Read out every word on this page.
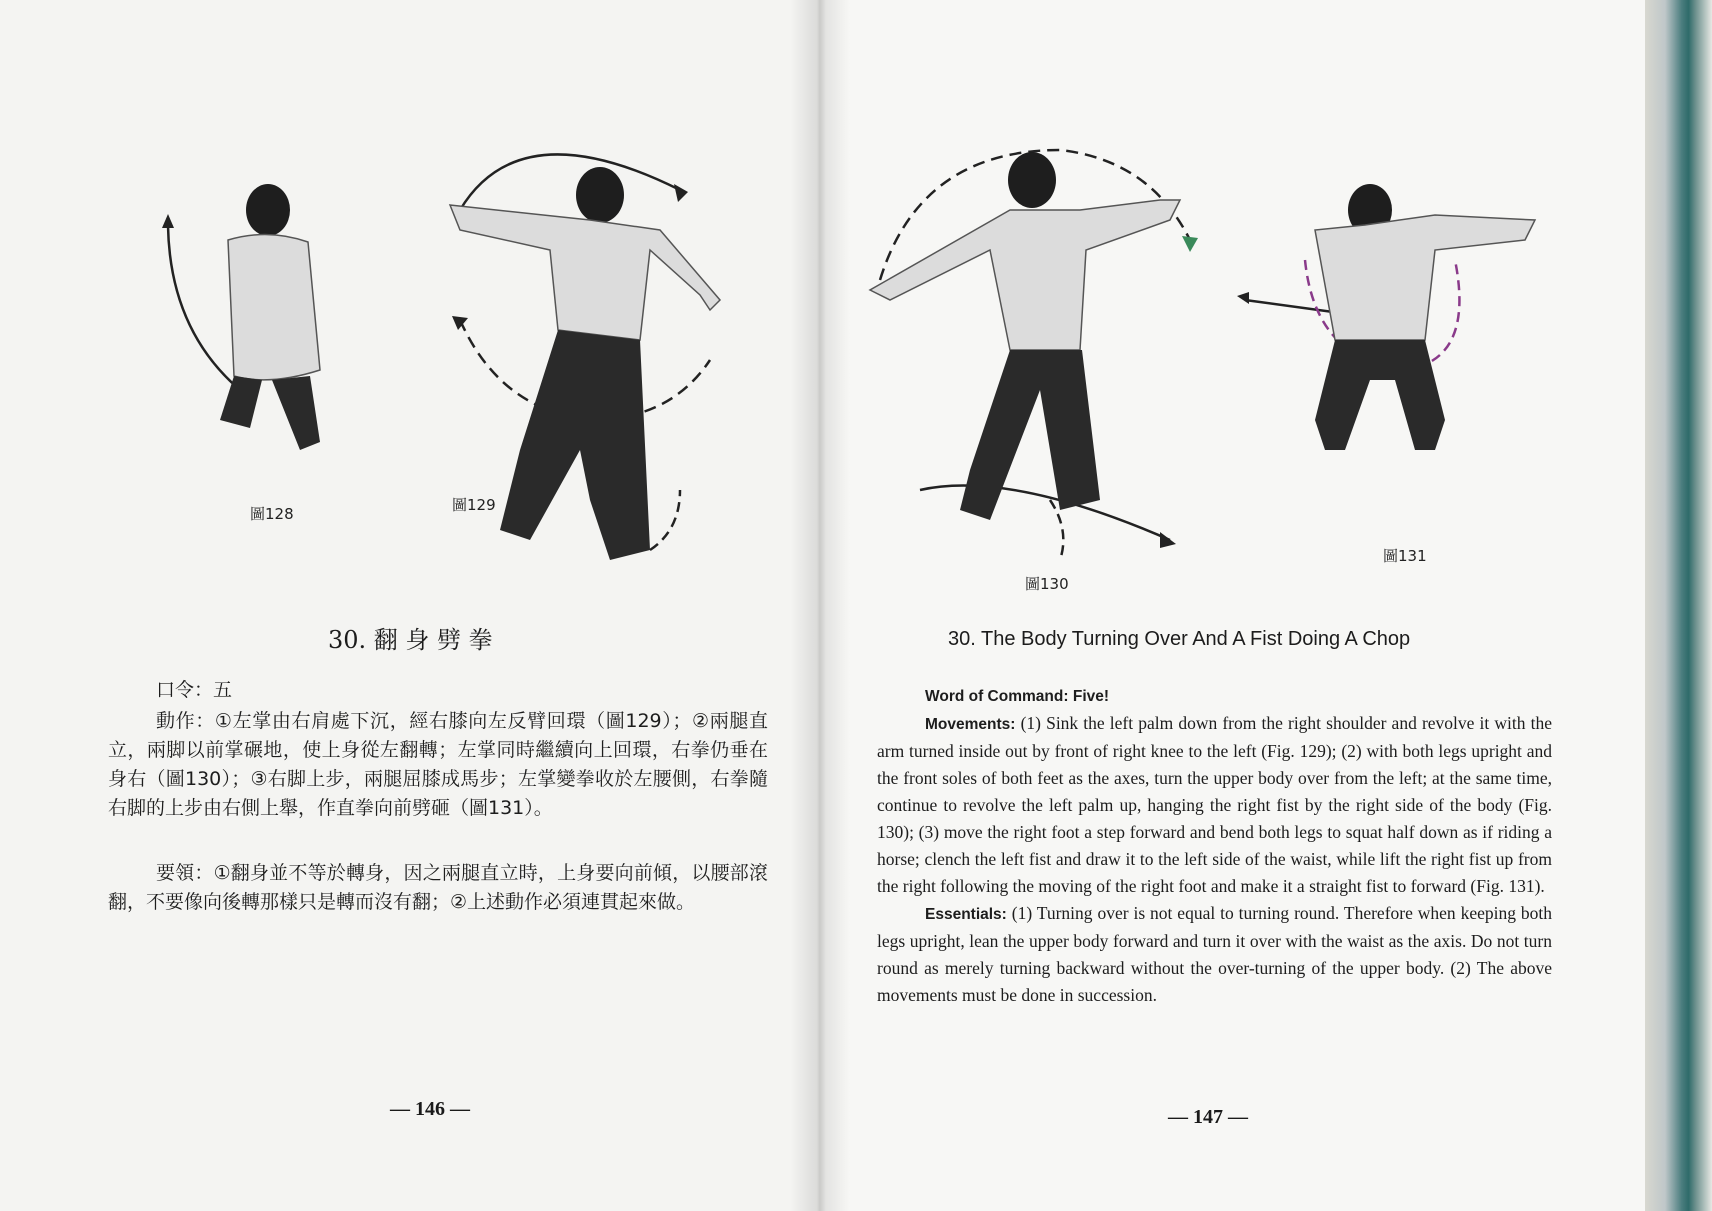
圖128	圖129
圖130
圖131
30. 翻 身 劈 拳

口令：五

動作：①左掌由右肩處下沉，經右膝向左反臂回環（圖129）；②兩腿直立，兩脚以前掌碾地，使上身從左翻轉；左掌同時繼續向上回環，右拳仍垂在身右（圖130）；③右脚上步，兩腿屈膝成馬步；左掌變拳收於左腰側，右拳隨右脚的上步由右側上舉，作直拳向前劈砸（圖131）。

要領：①翻身並不等於轉身，因之兩腿直立時，上身要向前傾，以腰部滾翻，不要像向後轉那樣只是轉而沒有翻；②上述動作必須連貫起來做。

— 146 —
30. The Body Turning Over And A Fist Doing A Chop

Word of Command: Five!

Movements: (1) Sink the left palm down from the right shoulder and revolve it with the arm turned inside out by front of right knee to the left (Fig. 129); (2) with both legs upright and the front soles of both feet as the axes, turn the upper body over from the left; at the same time, continue to revolve the left palm up, hanging the right fist by the right side of the body (Fig. 130); (3) move the right foot a step forward and bend both legs to squat half down as if riding a horse; clench the left fist and draw it to the left side of the waist, while lift the right fist up from the right following the moving of the right foot and make it a straight fist to forward (Fig. 131).

Essentials: (1) Turning over is not equal to turning round. Therefore when keeping both legs upright, lean the upper body forward and turn it over with the waist as the axis. Do not turn round as merely turning backward without the over-turning of the upper body. (2) The above movements must be done in succession.

— 147 —
